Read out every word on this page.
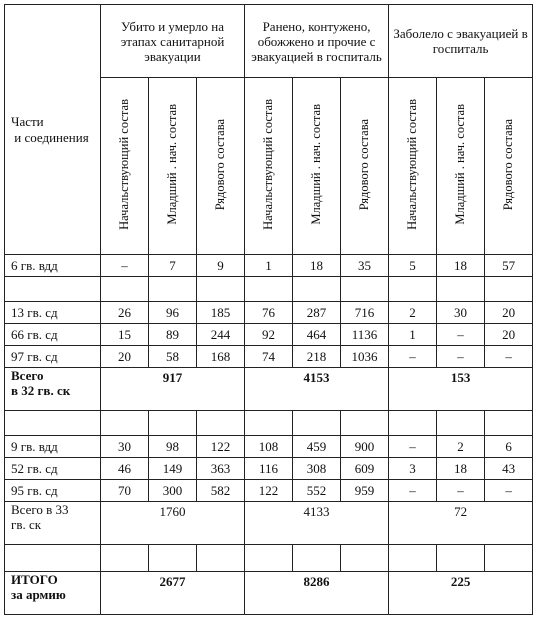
Части
и соединения	Убито и умерло на этапах санитарной эвакуации			Ранено, контужено, обожжено и прочие с эвакуацией в госпиталь			Заболело с эвакуацией в госпиталь		
	Начальствующий состав	Младший . нач. состав	Рядового состава	Начальствующий состав	Младший . нач. состав	Рядового состава	Начальствующий состав	Младший . нач. состав	Рядового состава
6 гв. вдд	–	7	9	1	18	35	5	18	57

13 гв. сд	26	96	185	76	287	716	2	30	20
66 гв. сд	15	89	244	92	464	1136	1	–	20
97 гв. сд	20	58	168	74	218	1036	–	–	–
Всего
в 32 гв. ск	917			4153			153		

9 гв. вдд	30	98	122	108	459	900	–	2	6
52 гв. сд	46	149	363	116	308	609	3	18	43
95 гв. сд	70	300	582	122	552	959	–	–	–
Всего в 33
гв. ск	1760			4133			72		

ИТОГО
за армию	2677			8286			225		
